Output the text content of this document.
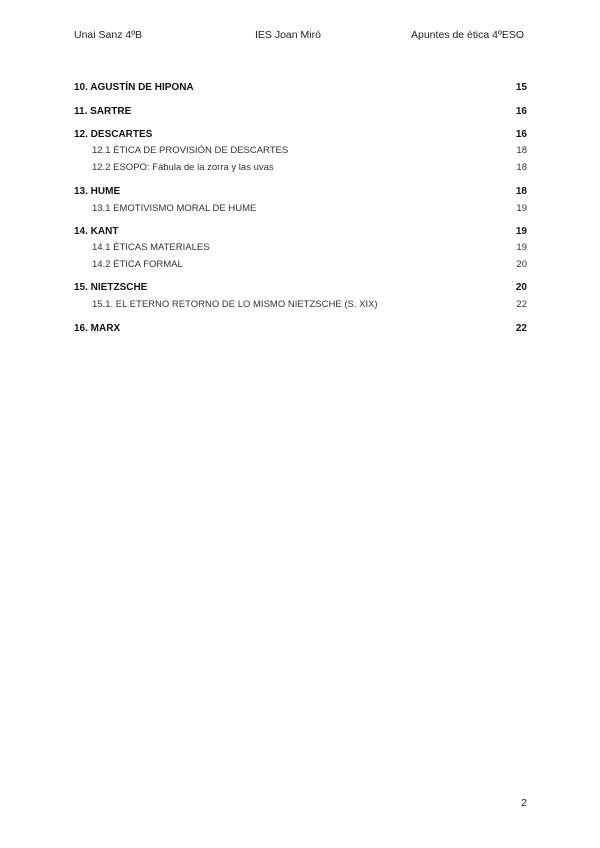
Unai Sanz 4ºB	IES Joan Miró	Apuntes de ética 4ºESO
10. AGUSTÍN DE HIPONA	15
11. SARTRE	16
12. DESCARTES	16
12.1 ÉTICA DE PROVISIÓN DE DESCARTES	18
12.2 ESOPO: Fábula de la zorra y las uvas	18
13. HUME	18
13.1 EMOTIVISMO MORAL DE HUME	19
14. KANT	19
14.1 ÉTICAS MATERIALES	19
14.2 ÉTICA FORMAL	20
15. NIETZSCHE	20
15.1. EL ETERNO RETORNO DE LO MISMO NIETZSCHE (S. XIX)	22
16. MARX	22
2
